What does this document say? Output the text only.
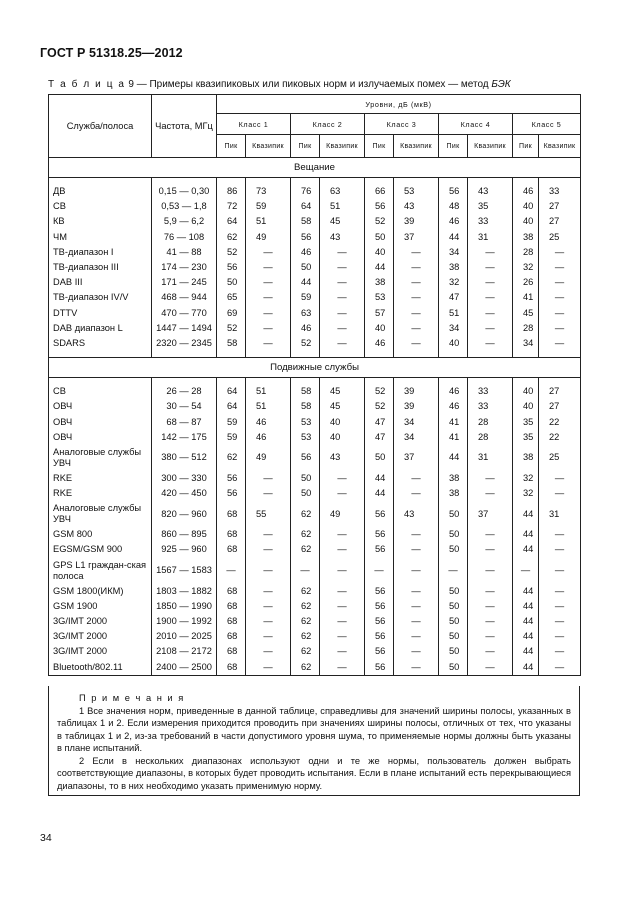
ГОСТ Р 51318.25—2012
Т а б л и ц а 9 — Примеры квазипиковых или пиковых норм и излучаемых помех — метод БЭК
Служба/полоса	Частота, МГц	Уровни, дБ (мкВ)									
		Класс 1		Класс 2		Класс 3		Класс 4		Класс 5	
		Пик	Квазипик	Пик	Квазипик	Пик	Квазипик	Пик	Квазипик	Пик	Квазипик
Вещание											

ДВ	0,15 — 0,30	86	73	76	63	66	53	56	43	46	33
СВ	0,53 — 1,8	72	59	64	51	56	43	48	35	40	27
КВ	5,9 — 6,2	64	51	58	45	52	39	46	33	40	27
ЧМ	76 — 108	62	49	56	43	50	37	44	31	38	25
ТВ-диапазон I	41 — 88	52	—	46	—	40	—	34	—	28	—
ТВ-диапазон III	174 — 230	56	—	50	—	44	—	38	—	32	—
DAB III	171 — 245	50	—	44	—	38	—	32	—	26	—
ТВ-диапазон IV/V	468 — 944	65	—	59	—	53	—	47	—	41	—
DTTV	470 — 770	69	—	63	—	57	—	51	—	45	—
DAB диапазон L	1447 — 1494	52	—	46	—	40	—	34	—	28	—
SDARS	2320 — 2345	58	—	52	—	46	—	40	—	34	—

Подвижные службы											

СВ	26 — 28	64	51	58	45	52	39	46	33	40	27
ОВЧ	30 — 54	64	51	58	45	52	39	46	33	40	27
ОВЧ	68 — 87	59	46	53	40	47	34	41	28	35	22
ОВЧ	142 — 175	59	46	53	40	47	34	41	28	35	22
Аналоговые службы УВЧ	380 — 512	62	49	56	43	50	37	44	31	38	25
RKE	300 — 330	56	—	50	—	44	—	38	—	32	—
RKE	420 — 450	56	—	50	—	44	—	38	—	32	—
Аналоговые службы УВЧ	820 — 960	68	55	62	49	56	43	50	37	44	31
GSM 800	860 — 895	68	—	62	—	56	—	50	—	44	—
EGSM/GSM 900	925 — 960	68	—	62	—	56	—	50	—	44	—
GPS L1 граждан-ская полоса	1567 — 1583	—	—	—	—	—	—	—	—	—	—
GSM 1800(ИКМ)	1803 — 1882	68	—	62	—	56	—	50	—	44	—
GSM 1900	1850 — 1990	68	—	62	—	56	—	50	—	44	—
3G/IMT 2000	1900 — 1992	68	—	62	—	56	—	50	—	44	—
3G/IMT 2000	2010 — 2025	68	—	62	—	56	—	50	—	44	—
3G/IMT 2000	2108 — 2172	68	—	62	—	56	—	50	—	44	—
Bluetooth/802.11	2400 — 2500	68	—	62	—	56	—	50	—	44	—
П р и м е ч а н и я

1 Все значения норм, приведенные в данной таблице, справедливы для значений ширины полосы, указанных в таблицах 1 и 2. Если измерения приходится проводить при значениях ширины полосы, отличных от тех, что указаны в таблицах 1 и 2, из-за требований в части допустимого уровня шума, то применяемые нормы должны быть указаны в плане испытаний.

2 Если в нескольких диапазонах используют одни и те же нормы, пользователь должен выбрать соответствующие диапазоны, в которых будет проводить испытания. Если в плане испытаний есть перекрывающиеся диапазоны, то в них необходимо указать применимую норму.

34
